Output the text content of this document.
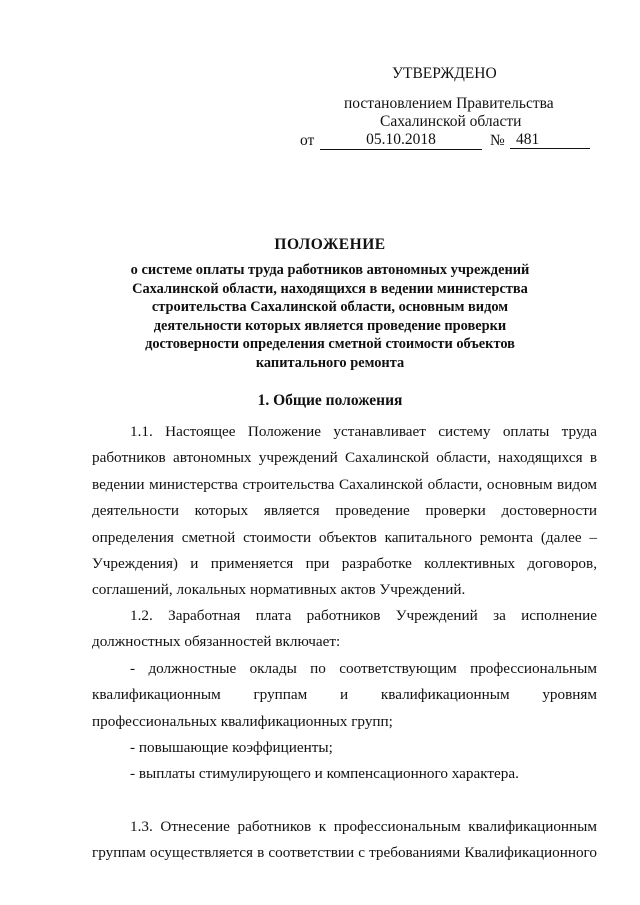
УТВЕРЖДЕНО
постановлением Правительства
Сахалинской области
от	05.10.2018	№ 481
ПОЛОЖЕНИЕ
о системе оплаты труда работников автономных учреждений Сахалинской области, находящихся в ведении министерства строительства Сахалинской области, основным видом деятельности которых является проведение проверки достоверности определения сметной стоимости объектов капитального ремонта
1. Общие положения

1.1. Настоящее Положение устанавливает систему оплаты труда работников автономных учреждений Сахалинской области, находящихся в ведении министерства строительства Сахалинской области, основным видом деятельности которых является проведение проверки достоверности определения сметной стоимости объектов капитального ремонта (далее – Учреждения) и применяется при разработке коллективных договоров, соглашений, локальных нормативных актов Учреждений.

1.2. Заработная плата работников Учреждений за исполнение должностных обязанностей включает:

- должностные оклады по соответствующим профессиональным квалификационным группам и квалификационным уровням профессиональных квалификационных групп;

- повышающие коэффициенты;

- выплаты стимулирующего и компенсационного характера.

1.3. Отнесение работников к профессиональным квалификационным группам осуществляется в соответствии с требованиями Квалификационного
